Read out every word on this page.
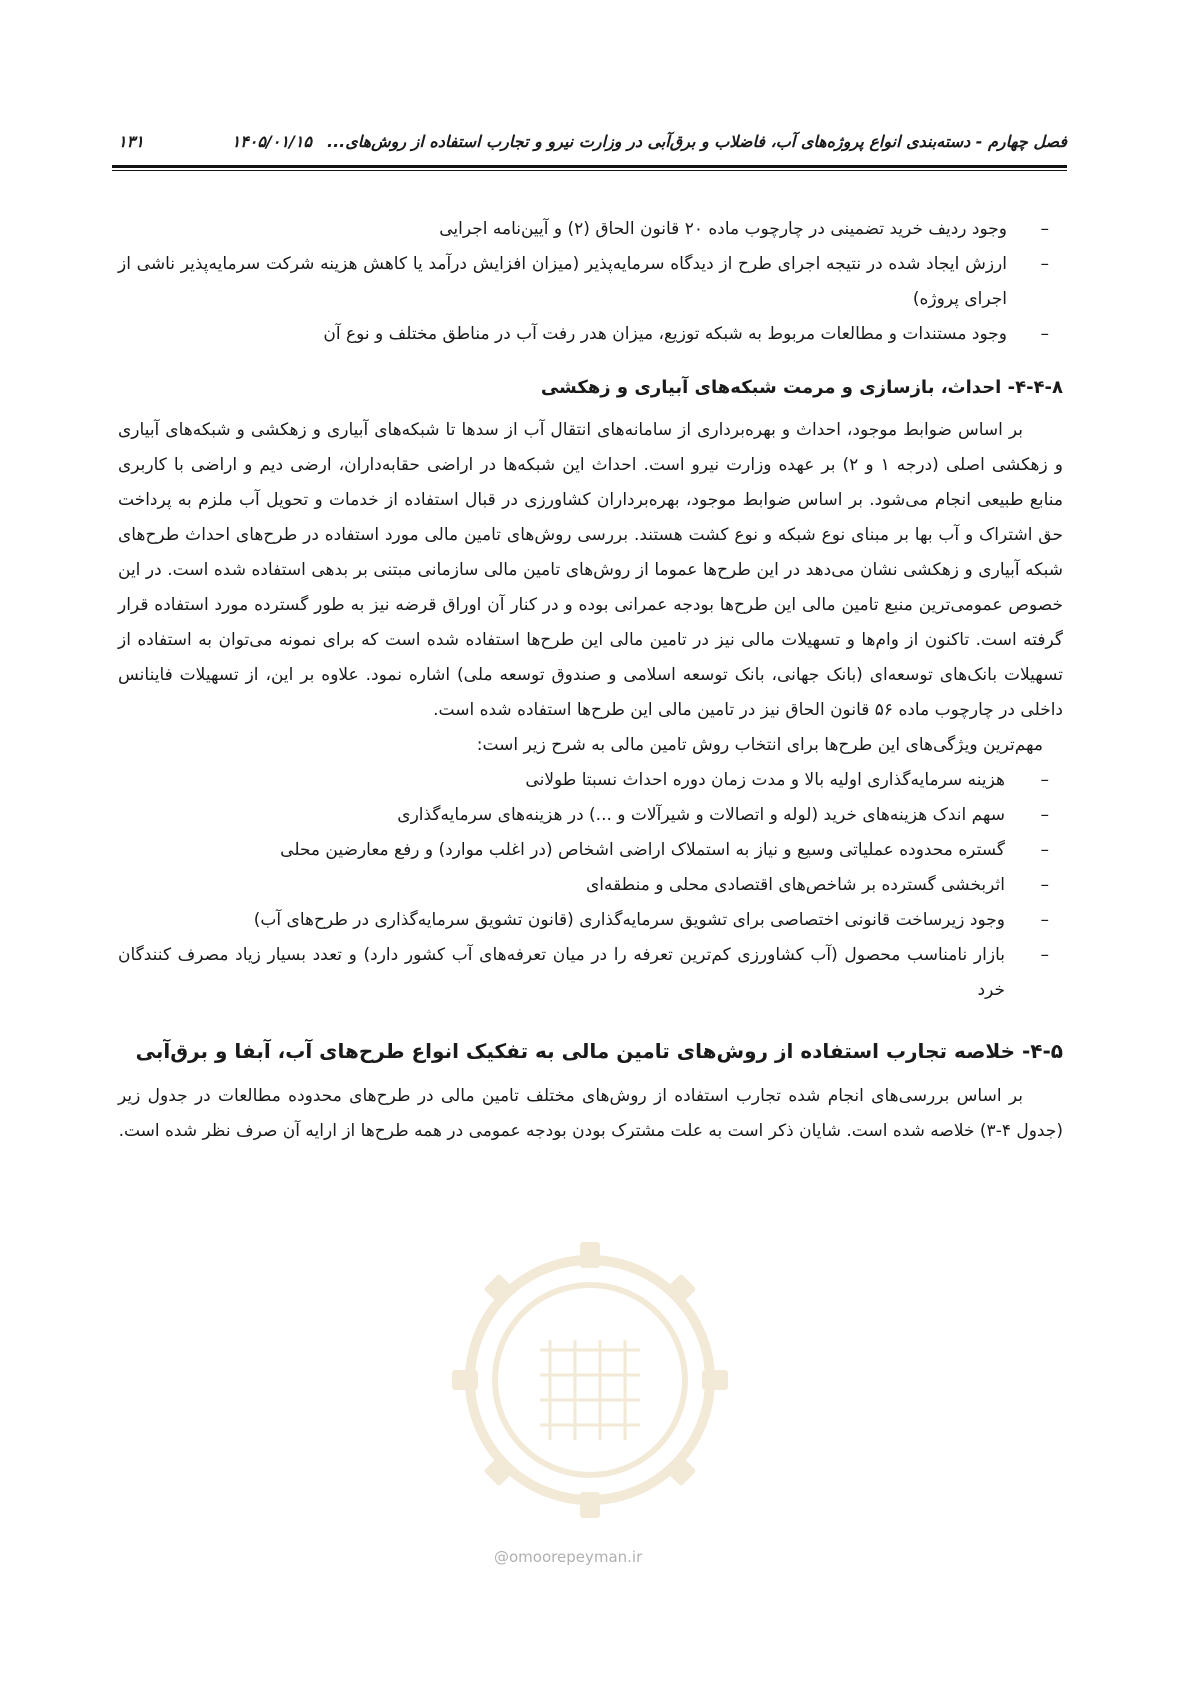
فصل چهارم - دسته‌بندی انواع پروژه‌های آب، فاضلاب و برق‌آبی در وزارت نیرو و تجارب استفاده از روش‌های...
۱۴۰۵/۰۱/۱۵
۱۳۱
@omoorepeyman.ir
–
وجود ردیف خرید تضمینی در چارچوب ماده ۲۰ قانون الحاق (۲) و آیین‌نامه اجرایی
–
ارزش ایجاد شده در نتیجه اجرای طرح از دیدگاه سرمایه‌پذیر (میزان افزایش درآمد یا کاهش هزینه شرکت سرمایه‌پذیر ناشی از اجرای پروژه)
–
وجود مستندات و مطالعات مربوط به شبکه توزیع، میزان هدر رفت آب در مناطق مختلف و نوع آن
۴-۴-۸- احداث، بازسازی و مرمت شبکه‌های آبیاری و زهکشی

بر اساس ضوابط موجود، احداث و بهره‌برداری از سامانه‌های انتقال آب از سدها تا شبکه‌های آبیاری و زهکشی و شبکه‌های آبیاری و زهکشی اصلی (درجه ۱ و ۲) بر عهده وزارت نیرو است. احداث این شبکه‌ها در اراضی حقابه‌داران، ارضی دیم و اراضی با کاربری منابع طبیعی انجام می‌شود. بر اساس ضوابط موجود، بهره‌برداران کشاورزی در قبال استفاده از خدمات و تحویل آب ملزم به پرداخت حق اشتراک و آب بها بر مبنای نوع شبکه و نوع کشت هستند. بررسی روش‌های تامین مالی مورد استفاده در طرح‌های احداث طرح‌های شبکه آبیاری و زهکشی نشان می‌دهد در این طرح‌ها عموما از روش‌های تامین مالی سازمانی مبتنی بر بدهی استفاده شده است. در این خصوص عمومی‌ترین منبع تامین مالی این طرح‌ها بودجه عمرانی بوده و در کنار آن اوراق قرضه نیز به طور گسترده مورد استفاده قرار گرفته است. تاکنون از وام‌ها و تسهیلات مالی نیز در تامین مالی این طرح‌ها استفاده شده است که برای نمونه می‌توان به استفاده از تسهیلات بانک‌های توسعه‌ای (بانک جهانی، بانک توسعه اسلامی و صندوق توسعه ملی) اشاره نمود. علاوه بر این، از تسهیلات فاینانس داخلی در چارچوب ماده ۵۶ قانون الحاق نیز در تامین مالی این طرح‌ها استفاده شده است.

مهم‌ترین ویژگی‌های این طرح‌ها برای انتخاب روش تامین مالی به شرح زیر است:

–
هزینه سرمایه‌گذاری اولیه بالا و مدت زمان دوره احداث نسبتا طولانی
–
سهم اندک هزینه‌های خرید (لوله و اتصالات و شیرآلات و ...) در هزینه‌های سرمایه‌گذاری
–
گستره محدوده عملیاتی وسیع و نیاز به استملاک اراضی اشخاص (در اغلب موارد) و رفع معارضین محلی
–
اثربخشی گسترده بر شاخص‌های اقتصادی محلی و منطقه‌ای
–
وجود زیرساخت قانونی اختصاصی برای تشویق سرمایه‌گذاری (قانون تشویق سرمایه‌گذاری در طرح‌های آب)
–
بازار نامناسب محصول (آب کشاورزی کم‌ترین تعرفه را در میان تعرفه‌های آب کشور دارد) و تعدد بسیار زیاد مصرف کنندگان خرد
۴-۵- خلاصه تجارب استفاده از روش‌های تامین مالی به تفکیک انواع طرح‌های آب، آبفا و برق‌آبی

بر اساس بررسی‌های انجام شده تجارب استفاده از روش‌های مختلف تامین مالی در طرح‌های محدوده مطالعات در جدول زیر (جدول ۴-۳) خلاصه شده است. شایان ذکر است به علت مشترک بودن بودجه عمومی در همه طرح‌ها از ارایه آن صرف نظر شده است.
